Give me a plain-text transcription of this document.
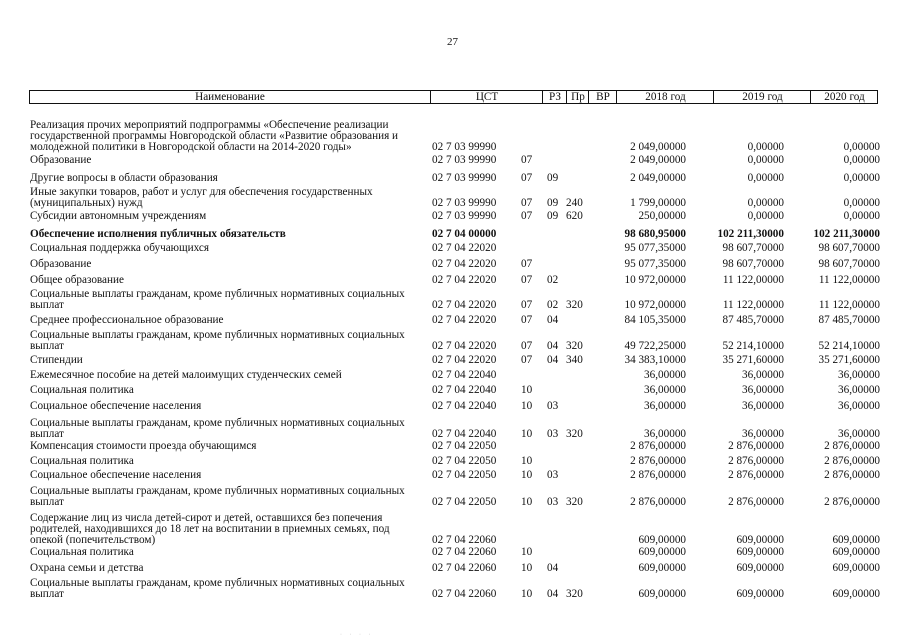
27
Наименование	ЦСТ	РЗ Пр	ВР	2018 год	2019 год	2020 год
Реализация прочих мероприятий подпрограммы «Обеспечение реализации государственной программы Новгородской области «Развитие образования и молодежной политики в Новгородской области на 2014-2020 годы»	02 7 03 99990	2 049,00000	0,00000	0,00000
Образование	02 7 03 99990 07	2 049,00000	0,00000	0,00000
Другие вопросы в области образования	02 7 03 99990 07 09	2 049,00000	0,00000	0,00000
Иные закупки товаров, работ и услуг для обеспечения государственных (муниципальных) нужд	02 7 03 99990 07 09 240	1 799,00000	0,00000	0,00000
Субсидии автономным учреждениям	02 7 03 99990 07 09 620	250,00000	0,00000	0,00000
Обеспечение исполнения публичных обязательств	02 7 04 00000	98 680,95000	102 211,30000	102 211,30000
Социальная поддержка обучающихся	02 7 04 22020	95 077,35000	98 607,70000	98 607,70000
Образование	02 7 04 22020 07	95 077,35000	98 607,70000	98 607,70000
Общее образование	02 7 04 22020 07 02	10 972,00000	11 122,00000	11 122,00000
Социальные выплаты гражданам, кроме публичных нормативных социальных выплат	02 7 04 22020 07 02 320	10 972,00000	11 122,00000	11 122,00000
Среднее профессиональное образование	02 7 04 22020 07 04	84 105,35000	87 485,70000	87 485,70000
Социальные выплаты гражданам, кроме публичных нормативных социальных выплат	02 7 04 22020 07 04 320	49 722,25000	52 214,10000	52 214,10000
Стипендии	02 7 04 22020 07 04 340	34 383,10000	35 271,60000	35 271,60000
Ежемесячное пособие на детей малоимущих студенческих семей	02 7 04 22040	36,00000	36,00000	36,00000
Социальная политика	02 7 04 22040 10	36,00000	36,00000	36,00000
Социальное обеспечение населения	02 7 04 22040 10 03	36,00000	36,00000	36,00000
Социальные выплаты гражданам, кроме публичных нормативных социальных выплат	02 7 04 22040 10 03 320	36,00000	36,00000	36,00000
Компенсация стоимости проезда обучающимся	02 7 04 22050	2 876,00000	2 876,00000	2 876,00000
Социальная политика	02 7 04 22050 10	2 876,00000	2 876,00000	2 876,00000
Социальное обеспечение населения	02 7 04 22050 10 03	2 876,00000	2 876,00000	2 876,00000
Социальные выплаты гражданам, кроме публичных нормативных социальных выплат	02 7 04 22050 10 03 320	2 876,00000	2 876,00000	2 876,00000
Содержание лиц из числа детей-сирот и детей, оставшихся без попечения родителей, находившихся до 18 лет на воспитании в приемных семьях, под опекой (попечительством)	02 7 04 22060	609,00000	609,00000	609,00000
Социальная политика	02 7 04 22060 10	609,00000	609,00000	609,00000
Охрана семьи и детства	02 7 04 22060 10 04	609,00000	609,00000	609,00000
Социальные выплаты гражданам, кроме публичных нормативных социальных выплат	02 7 04 22060 10 04 320	609,00000	609,00000	609,00000
· · · ·
